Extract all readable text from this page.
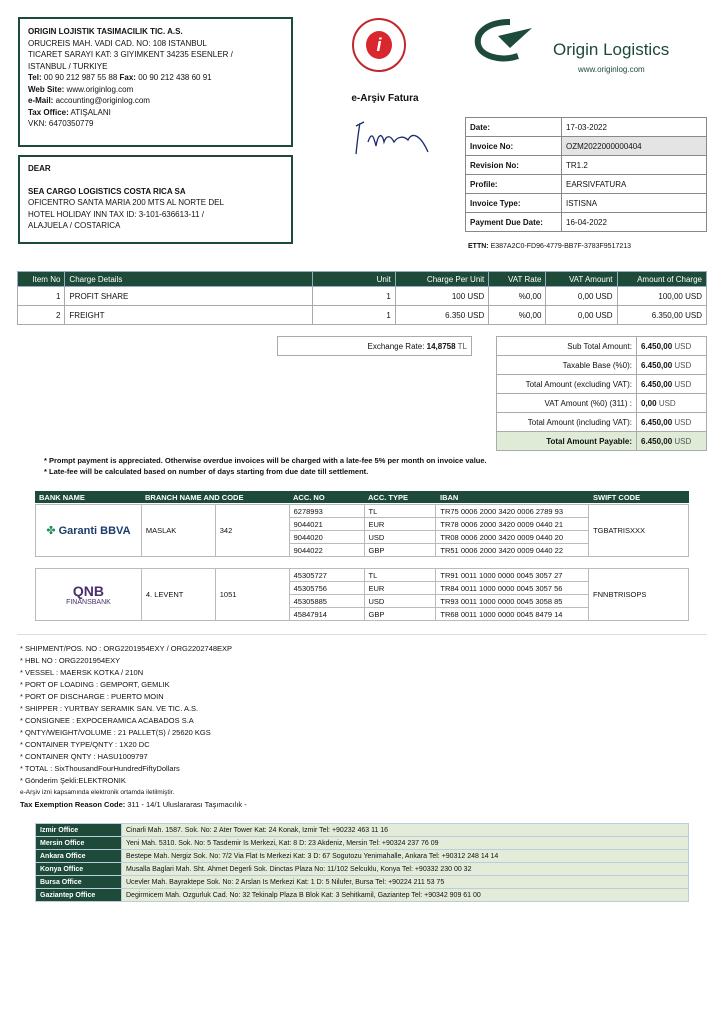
ORIGIN LOJISTIK TASIMACILIK TIC. A.S.
ORUCREIS MAH. VADI CAD. NO: 108 ISTANBUL
TICARET SARAYI KAT: 3 GIYIMKENT 34235 ESENLER /
ISTANBUL / TURKIYE
Tel: 00 90 212 987 55 88 Fax: 00 90 212 438 60 91
Web Site: www.originlog.com
e-Mail: accounting@originlog.com
Tax Office: ATIŞALANI
VKN: 6470350779
DEAR
SEA CARGO LOGISTICS COSTA RICA SA
OFICENTRO SANTA MARIA 200 MTS AL NORTE DEL
HOTEL HOLIDAY INN TAX ID: 3-101-636613-11 /
ALAJUELA / COSTARICA
i
e-Arşiv Fatura
Origin Logistics
www.originlog.com
Date:	17-03-2022
Invoice No:	OZM2022000000404
Revision No:	TR1.2
Profile:	EARSIVFATURA
Invoice Type:	ISTISNA
Payment Due Date:	16-04-2022
ETTN: E387A2C0-FD96-4779-BB7F-3783F9517213
Item No	Charge Details	Unit	Charge Per Unit	VAT Rate	VAT Amount	Amount of Charge
1	PROFIT SHARE	1	100 USD	%0,00	0,00 USD	100,00 USD
2	FREIGHT	1	6.350 USD	%0,00	0,00 USD	6.350,00 USD
Exchange Rate: 14,8758 TL	Sub Total Amount:	6.450,00 USD
Taxable Base (%0):	6.450,00 USD
Total Amount (excluding VAT):	6.450,00 USD
VAT Amount (%0) (311) :	0,00 USD
Total Amount (including VAT):	6.450,00 USD
Total Amount Payable:	6.450,00 USD
* Prompt payment is appreciated. Otherwise overdue invoices will be charged with a late-fee 5% per month on invoice value.
* Late-fee will be calculated based on number of days starting from due date till settlement.
BANK NAME	BRANCH NAME AND CODE	ACC. NO	ACC. TYPE	IBAN	SWIFT CODE
✤ Garanti BBVA	MASLAK	342	6278993	TL	TR75 0006 2000 3420 0006 2789 93	TGBATRISXXX
			9044021	EUR	TR78 0006 2000 3420 0009 0440 21	
			9044020	USD	TR08 0006 2000 3420 0009 0440 20	
			9044022	GBP	TR51 0006 2000 3420 0009 0440 22	
QNB
FINANSBANK	4. LEVENT	1051	45305727	TL	TR91 0011 1000 0000 0045 3057 27	FNNBTRISOPS
			45305756	EUR	TR84 0011 1000 0000 0045 3057 56	
			45305885	USD	TR93 0011 1000 0000 0045 3058 85	
			45847914	GBP	TR68 0011 1000 0000 0045 8479 14	
* SHIPMENT/POS. NO : ORG2201954EXY / ORG2202748EXP
* HBL NO : ORG2201954EXY
* VESSEL : MAERSK KOTKA / 210N
* PORT OF LOADING : GEMPORT, GEMLIK
* PORT OF DISCHARGE : PUERTO MOIN
* SHIPPER : YURTBAY SERAMIK SAN. VE TIC. A.S.
* CONSIGNEE : EXPOCERAMICA ACABADOS S.A
* QNTY/WEIGHT/VOLUME : 21 PALLET(S) / 25620 KGS
* CONTAINER TYPE/QNTY : 1X20 DC
* CONTAINER QNTY : HASU1009797
* TOTAL : SixThousandFourHundredFiftyDollars
* Gönderim Şekli:ELEKTRONIK
e-Arşiv izni kapsamında elektronik ortamda iletilmiştir.
Tax Exemption Reason Code: 311 - 14/1 Uluslararası Taşımacılık -
Izmir Office	Cinarli Mah. 1587. Sok. No: 2 Ater Tower Kat: 24 Konak, Izmir Tel: +90232 463 11 16
Mersin Office	Yeni Mah. 5310. Sok. No: 5 Tasdemir Is Merkezi, Kat: 8 D: 23 Akdeniz, Mersin Tel: +90324 237 76 09
Ankara Office	Bestepe Mah. Nergiz Sok. No: 7/2 Via Flat Is Merkezi Kat: 3 D: 67 Sogutozu Yenimahalle, Ankara Tel: +90312 248 14 14
Konya Office	Musalla Baglari Mah. Sht. Ahmet Degerli Sok. Dinctas Plaza No: 11/102 Selcuklu, Konya Tel: +90332 230 00 32
Bursa Office	Ucevler Mah. Bayraktepe Sok. No: 2 Arslan Is Merkezi Kat: 1 D: 5 Nilufer, Bursa Tel: +90224 211 53 75
Gaziantep Office	Degirmicem Mah. Ozgurluk Cad. No: 32 Tekinalp Plaza B Blok Kat: 3 Sehitkamil, Gaziantep Tel: +90342 909 61 00
